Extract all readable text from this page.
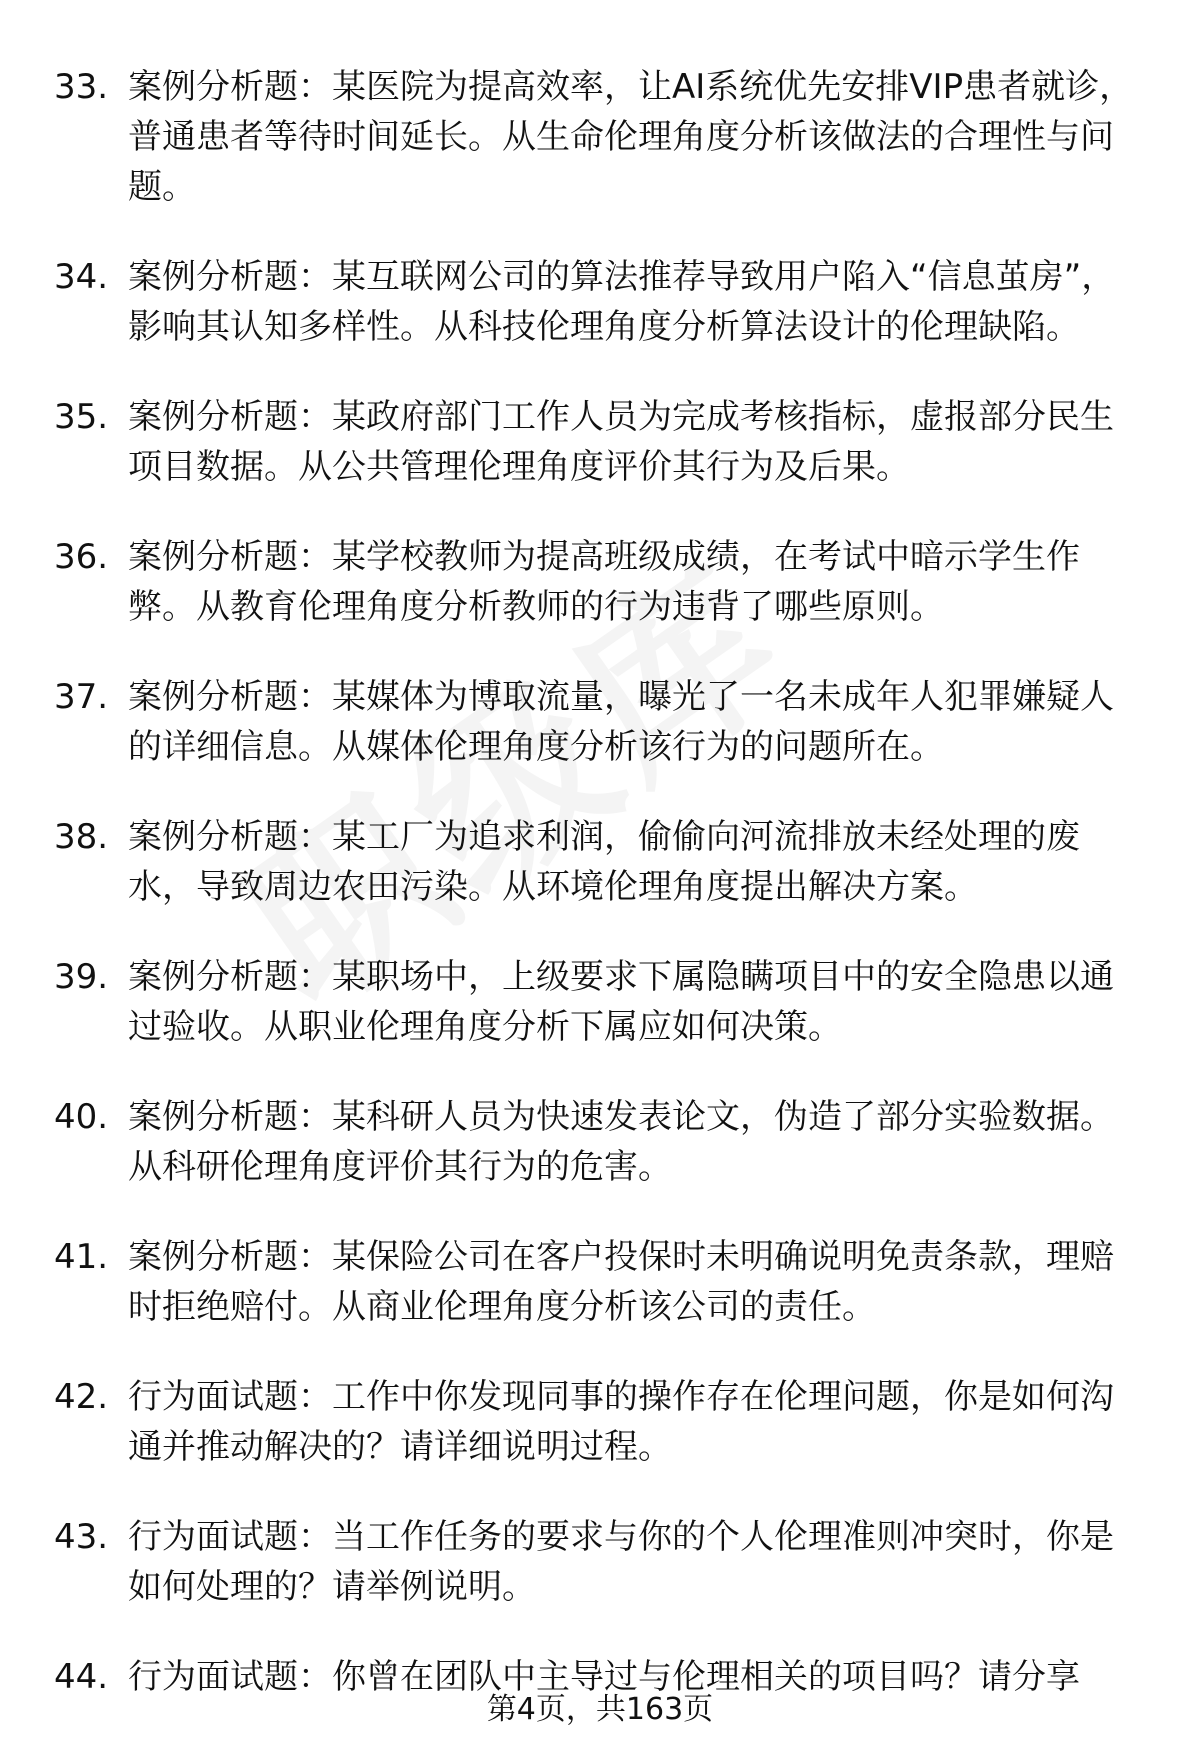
33. 案例分析题：某医院为提高效率，让AI系统优先安排VIP患者就诊，普通患者等待时间延长。从生命伦理角度分析该做法的合理性与问题。
34. 案例分析题：某互联网公司的算法推荐导致用户陷入“信息茧房”，影响其认知多样性。从科技伦理角度分析算法设计的伦理缺陷。
35. 案例分析题：某政府部门工作人员为完成考核指标，虚报部分民生项目数据。从公共管理伦理角度评价其行为及后果。
36. 案例分析题：某学校教师为提高班级成绩，在考试中暗示学生作弊。从教育伦理角度分析教师的行为违背了哪些原则。
37. 案例分析题：某媒体为博取流量，曝光了一名未成年人犯罪嫌疑人的详细信息。从媒体伦理角度分析该行为的问题所在。
38. 案例分析题：某工厂为追求利润，偷偷向河流排放未经处理的废水，导致周边农田污染。从环境伦理角度提出解决方案。
39. 案例分析题：某职场中，上级要求下属隐瞒项目中的安全隐患以通过验收。从职业伦理角度分析下属应如何决策。
40. 案例分析题：某科研人员为快速发表论文，伪造了部分实验数据。从科研伦理角度评价其行为的危害。
41. 案例分析题：某保险公司在客户投保时未明确说明免责条款，理赔时拒绝赔付。从商业伦理角度分析该公司的责任。
42. 行为面试题：工作中你发现同事的操作存在伦理问题，你是如何沟通并推动解决的？请详细说明过程。
43. 行为面试题：当工作任务的要求与你的个人伦理准则冲突时，你是如何处理的？请举例说明。
44. 行为面试题：你曾在团队中主导过与伦理相关的项目吗？请分享
第4页，共163页
